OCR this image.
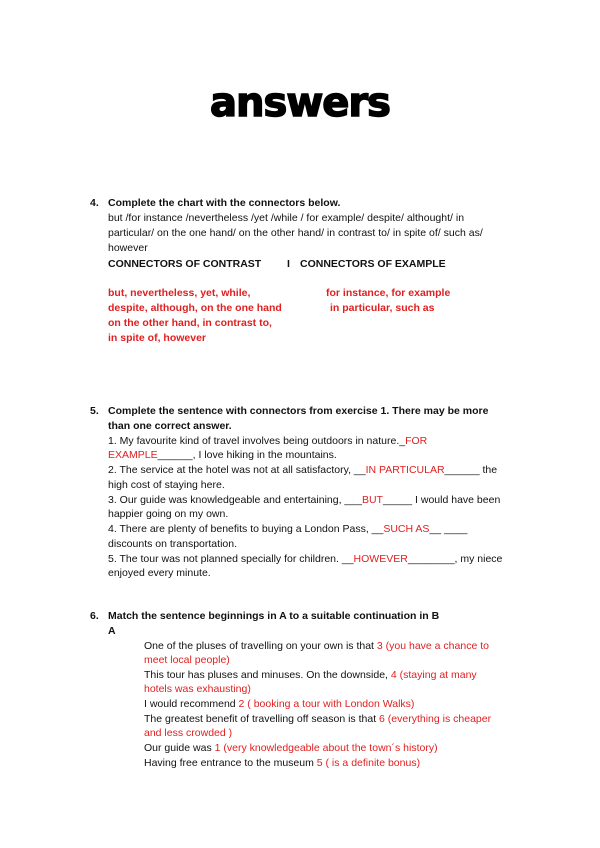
answers
4. Complete the chart with the connectors below.
but /for instance /nevertheless /yet /while / for example/ despite/ althought/ in
particular/ on the one hand/ on the other hand/ in contrast to/ in spite of/ such as/
however
CONNECTORS OF CONTRAST I CONNECTORS OF EXAMPLE
but, nevertheless, yet, while,
despite, although, on the one hand
on the other hand, in contrast to,
in spite of, however
for instance, for example
in particular, such as
5. Complete the sentence with connectors from exercise 1. There may be more
than one correct answer.
1. My favourite kind of travel involves being outdoors in nature._FOR
EXAMPLE______, I love hiking in the mountains.
2. The service at the hotel was not at all satisfactory, __IN PARTICULAR______ the
high cost of staying here.
3. Our guide was knowledgeable and entertaining, ___BUT_____ I would have been
happier going on my own.
4. There are plenty of benefits to buying a London Pass, __SUCH AS__ ____
discounts on transportation.
5. The tour was not planned specially for children. __HOWEVER________, my niece
enjoyed every minute.
6. Match the sentence beginnings in A to a suitable continuation in B
A
One of the pluses of travelling on your own is that 3 (you have a chance to
meet local people)
This tour has pluses and minuses. On the downside, 4 (staying at many
hotels was exhausting)
I would recommend 2 ( booking a tour with London Walks)
The greatest benefit of travelling off season is that 6 (everything is cheaper
and less crowded )
Our guide was 1 (very knowledgeable about the town´s history)
Having free entrance to the museum 5 ( is a definite bonus)
